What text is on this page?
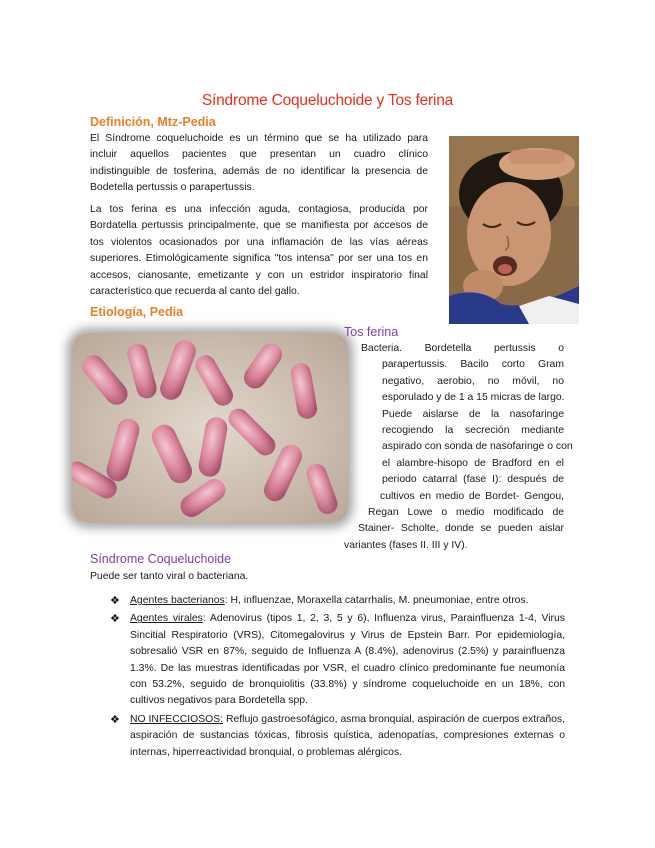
Síndrome Coqueluchoide y Tos ferina
Definición, Mtz-Pedia
El Síndrome coqueluchoide es un término que se ha utilizado para
incluir aquellos pacientes que presentan un cuadro clínico
indistinguible de tosferina, además de no identificar la presencia de
Bodetella pertussis o parapertussis.
La tos ferina es una infección aguda, contagiosa, producida por
Bordatella pertussis principalmente, que se manifiesta por accesos de
tos violentos ocasionados por una inflamación de las vías aéreas
superiores. Etimológicamente significa "tos intensa" por ser una tos en
accesos, cianosante, emetizante y con un estridor inspiratorio final
característico que recuerda al canto del gallo.
Etiología, Pedia
Tos ferina
Bacteria. Bordetella pertussis o
parapertussis. Bacilo corto Gram
negativo, aerobio, no móvil, no
esporulado y de 1 a 15 micras de largo.
Puede aislarse de la nasofaringe
recogiendo la secreción mediante
aspirado con sonda de nasofaringe o con
el alambre-hisopo de Bradford en el
periodo catarral (fase I): después de
cultivos en medio de Bordet- Gengou,
Regan Lowe o medio modificado de
Stainer- Scholte, donde se pueden aislar
variantes (fases II. III y IV).
Síndrome Coqueluchoide
Puede ser tanto viral o bacteriana.
❖ Agentes bacterianos: H, influenzae, Moraxella catarrhalis, M. pneumoniae, entre otros.
❖ Agentes virales: Adenovirus (tipos 1, 2, 3, 5 y 6), Influenza virus, Parainfluenza 1-4, Virus
Sincitial Respiratorio (VRS), Citomegalovirus y Virus de Epstein Barr. Por epidemiología,
sobresalió VSR en 87%, seguido de Influenza A (8.4%), adenovirus (2.5%) y parainfluenza
1.3%. De las muestras identificadas por VSR, el cuadro clínico predominante fue neumonía
con 53.2%, seguido de bronquiolitis (33.8%) y síndrome coqueluchoide en un 18%, con
cultivos negativos para Bordetella spp.
❖ NO INFECCIOSOS: Reflujo gastroesofágico, asma bronquial, aspiración de cuerpos extraños,
aspiración de sustancias tóxicas, fibrosis quística, adenopatías, compresiones externas o
internas, hiperreactividad bronquial, o problemas alérgicos.
